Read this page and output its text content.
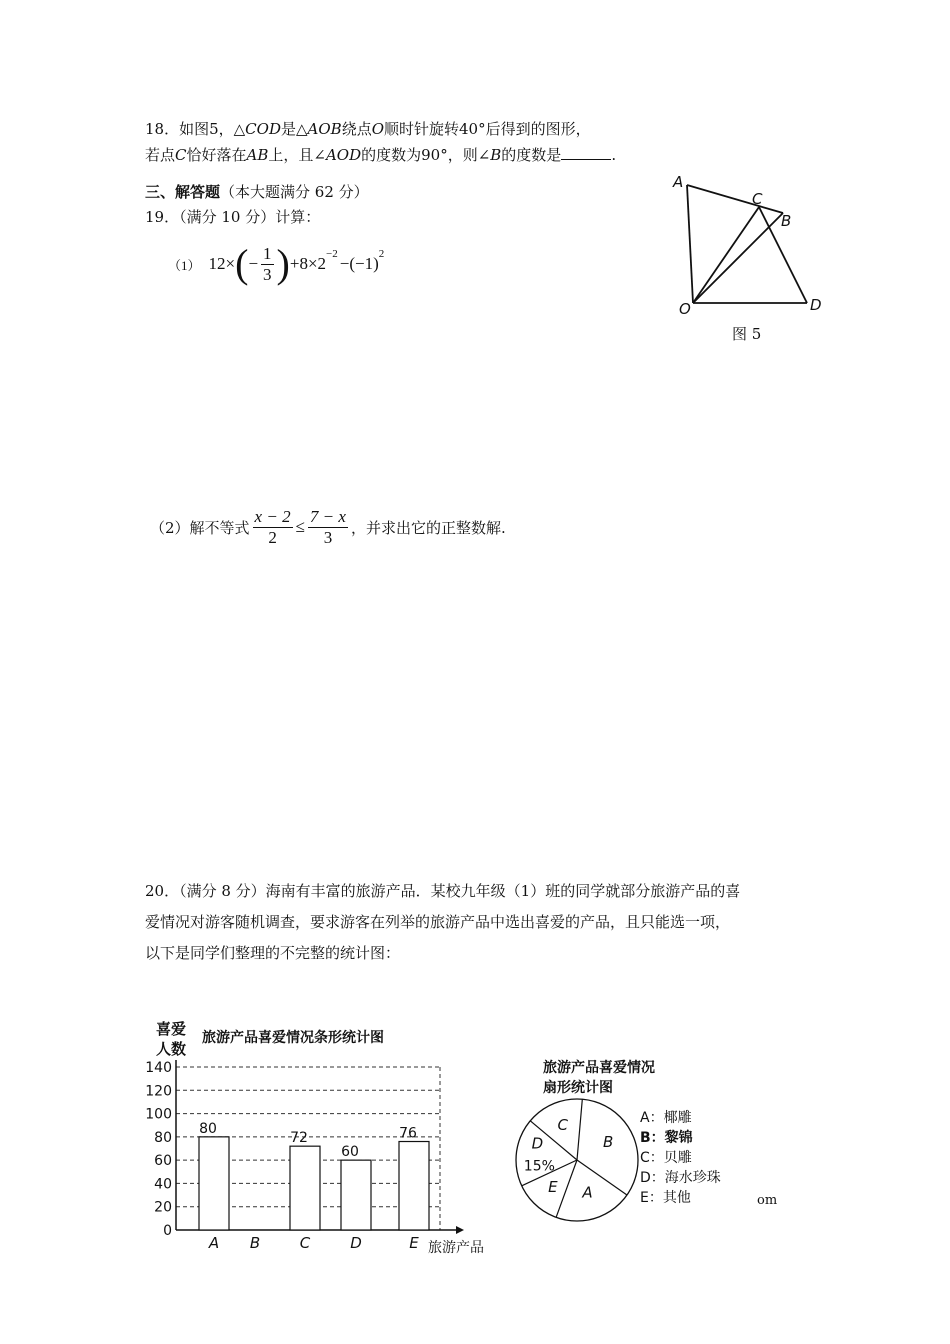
18．如图5，△COD是△AOB绕点O顺时针旋转40°后得到的图形，
若点C恰好落在AB上，且∠AOD的度数为90°，则∠B的度数是	.
A
C
B
O	D
图 5
三、解答题（本大题满分 62 分）
19．（满分 10 分）计算：
（1） 12× ( − $\frac{1}{3}$ ) $+8\times 2^{-2} -(-1)^2$
（2）解不等式 $\frac{x - 2}{2} \le \frac{7 - x}{3}$ ，并求出它的正整数解.
20．（满分 8 分）海南有丰富的旅游产品．某校九年级（1）班的同学就部分旅游产品的喜
爱情况对游客随机调查，要求游客在列举的旅游产品中选出喜爱的产品，且只能选一项，
以下是同学们整理的不完整的统计图：
喜爱
人数
旅游产品喜爱情况条形统计图
旅游产品
0
20
40
60
80
100
120
140
80
A B
72
C
60
D
76
E
旅游产品喜爱情况
扇形统计图
C
B
A
E
D
15%
A：椰雕
B：黎锦
C：贝雕
D：海水珍珠
E：其他	om
